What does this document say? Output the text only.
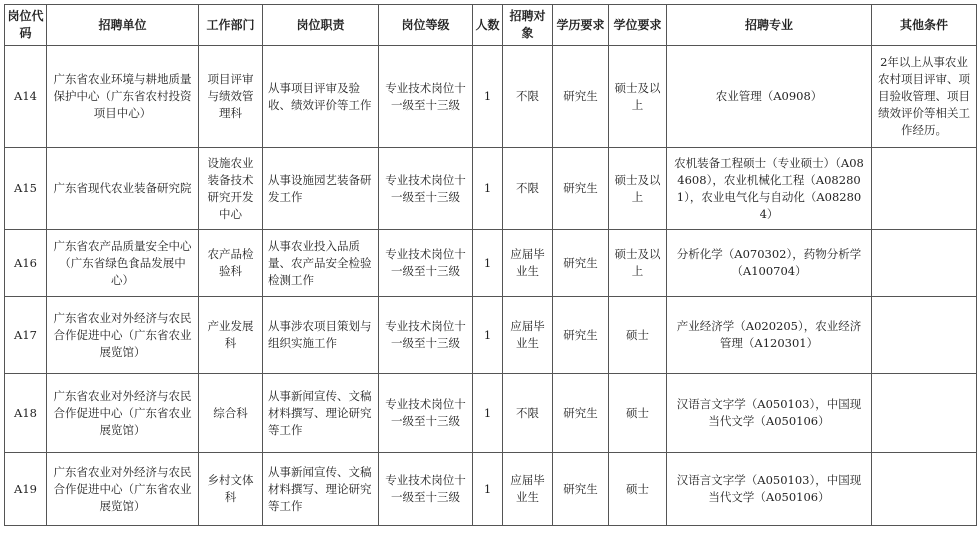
岗位代码	招聘单位	工作部门	岗位职责	岗位等级	人数	招聘对象	学历要求	学位要求	招聘专业	其他条件
A14	广东省农业环境与耕地质量保护中心（广东省农村投资项目中心）	项目评审与绩效管理科	从事项目评审及验收、绩效评价等工作	专业技术岗位十一级至十三级	1	不限	研究生	硕士及以上	农业管理（A0908）	2年以上从事农业农村项目评审、项目验收管理、项目绩效评价等相关工作经历。
A15	广东省现代农业装备研究院	设施农业装备技术研究开发中心	从事设施园艺装备研发工作	专业技术岗位十一级至十三级	1	不限	研究生	硕士及以上	农机装备工程硕士（专业硕士）（A084608），农业机械化工程（A082801），农业电气化与自动化（A082804）	
A16	广东省农产品质量安全中心（广东省绿色食品发展中心）	农产品检验科	从事农业投入品质量、农产品安全检验检测工作	专业技术岗位十一级至十三级	1	应届毕业生	研究生	硕士及以上	分析化学（A070302），药物分析学（A100704）	
A17	广东省农业对外经济与农民合作促进中心（广东省农业展览馆）	产业发展科	从事涉农项目策划与组织实施工作	专业技术岗位十一级至十三级	1	应届毕业生	研究生	硕士	产业经济学（A020205），农业经济管理（A120301）	
A18	广东省农业对外经济与农民合作促进中心（广东省农业展览馆）	综合科	从事新闻宣传、文稿材料撰写、理论研究等工作	专业技术岗位十一级至十三级	1	不限	研究生	硕士	汉语言文字学（A050103），中国现当代文学（A050106）	
A19	广东省农业对外经济与农民合作促进中心（广东省农业展览馆）	乡村文体科	从事新闻宣传、文稿材料撰写、理论研究等工作	专业技术岗位十一级至十三级	1	应届毕业生	研究生	硕士	汉语言文字学（A050103），中国现当代文学（A050106）	
